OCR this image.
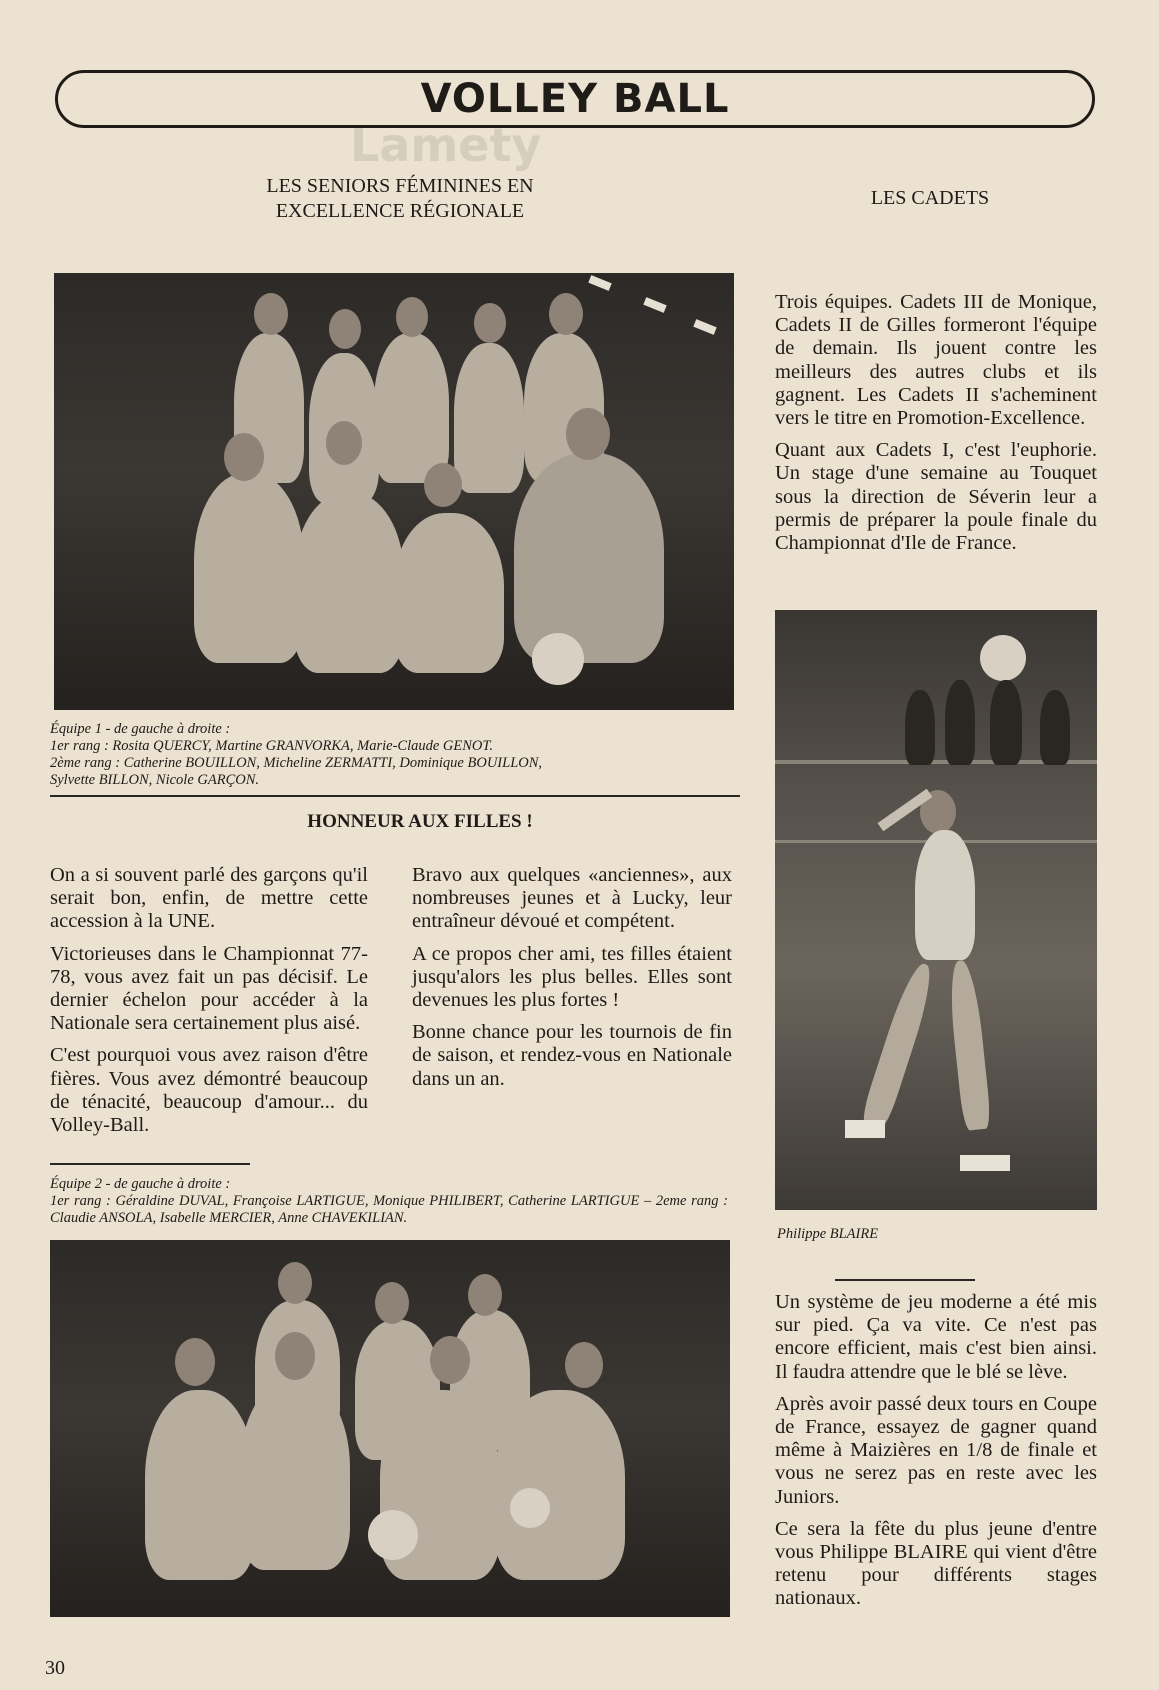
Lamety
VOLLEY BALL
LES SENIORS FÉMININES EN
EXCELLENCE RÉGIONALE
LES CADETS

Équipe 1 - de gauche à droite :

1er rang : Rosita QUERCY, Martine GRANVORKA, Marie-Claude GENOT.

2ème rang : Catherine BOUILLON, Micheline ZERMATTI, Dominique BOUILLON,

Sylvette BILLON, Nicole GARÇON.

HONNEUR AUX FILLES !

On a si souvent parlé des garçons qu'il serait bon, enfin, de mettre cette accession à la UNE.

Victorieuses dans le Championnat 77-78, vous avez fait un pas décisif. Le dernier échelon pour accéder à la Nationale sera certainement plus aisé.

C'est pourquoi vous avez raison d'être fières. Vous avez démontré beaucoup de ténacité, beaucoup d'amour... du Volley-Ball.

Bravo aux quelques «anciennes», aux nombreuses jeunes et à Lucky, leur entraîneur dévoué et compétent.

A ce propos cher ami, tes filles étaient jusqu'alors les plus belles. Elles sont devenues les plus fortes !

Bonne chance pour les tournois de fin de saison, et rendez-vous en Nationale dans un an.

Équipe 2 - de gauche à droite :

1er rang : Géraldine DUVAL, Françoise LARTIGUE, Monique PHILIBERT, Catherine LARTIGUE – 2eme rang : Claudie ANSOLA, Isabelle MERCIER, Anne CHAVEKILIAN.

Trois équipes. Cadets III de Monique, Cadets II de Gilles formeront l'équipe de demain. Ils jouent contre les meilleurs des autres clubs et ils gagnent. Les Cadets II s'acheminent vers le titre en Promotion-Excellence.

Quant aux Cadets I, c'est l'euphorie. Un stage d'une semaine au Touquet sous la direction de Séverin leur a permis de préparer la poule finale du Championnat d'Ile de France.

Philippe BLAIRE

Un système de jeu moderne a été mis sur pied. Ça va vite. Ce n'est pas encore efficient, mais c'est bien ainsi. Il faudra attendre que le blé se lève.

Après avoir passé deux tours en Coupe de France, essayez de gagner quand même à Maizières en 1/8 de finale et vous ne serez pas en reste avec les Juniors.

Ce sera la fête du plus jeune d'entre vous Philippe BLAIRE qui vient d'être retenu pour différents stages nationaux.

30
